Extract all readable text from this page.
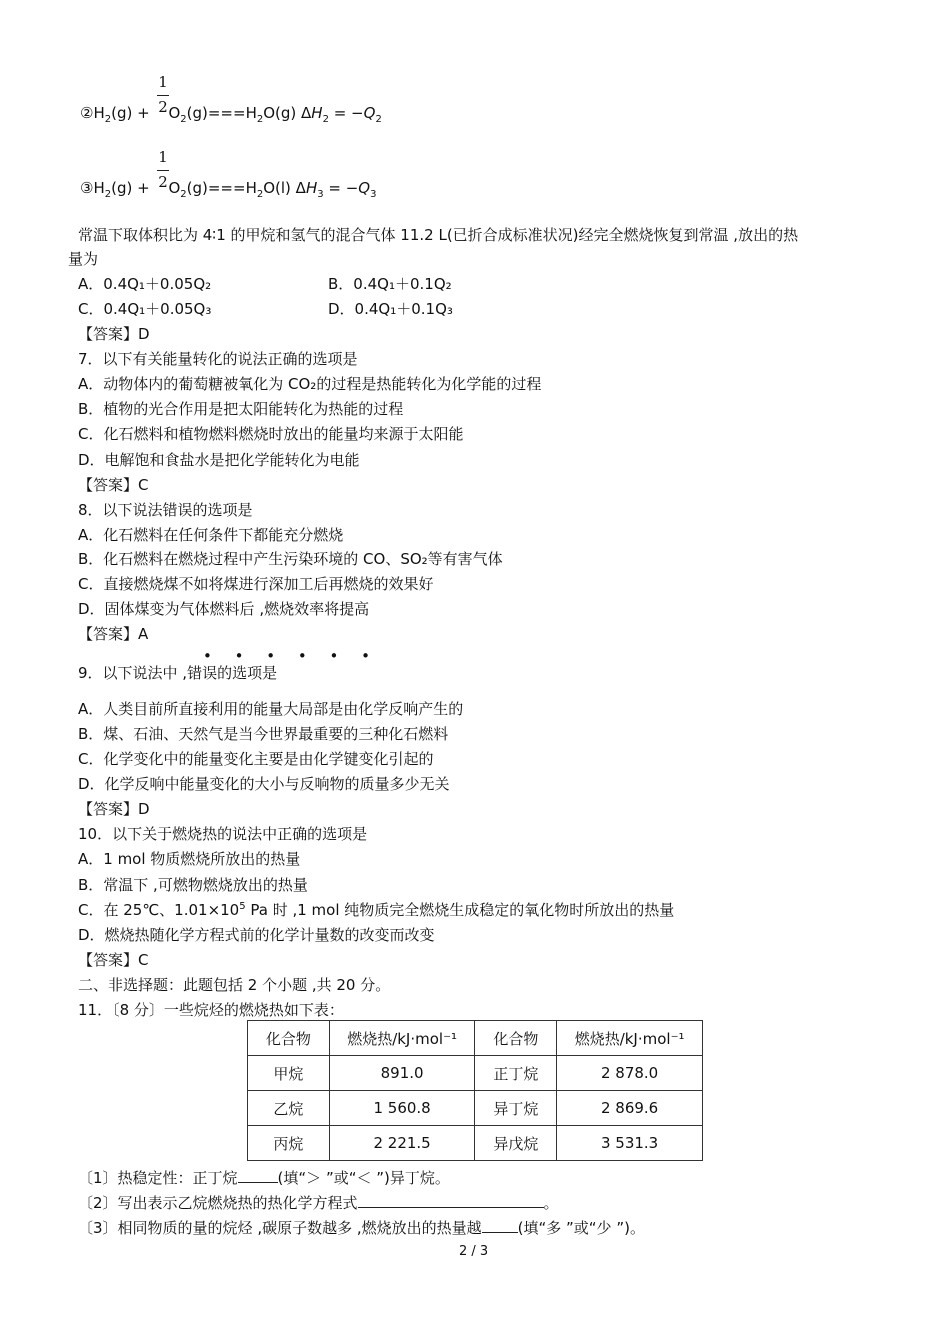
1
2
$②H_2(g) + O_2(g)===H_2O(g) \Delta H_2 = -Q_2$
1
2
$③H_2(g) + O_2(g)===H_2O(l) \Delta H_3 = -Q_3$
常温下取体积比为 4∶1 的甲烷和氢气的混合气体 11.2 L(已折合成标准状况)经完全燃烧恢复到常温 ,放出的热
量为
A．0.4Q₁＋0.05Q₂	B．0.4Q₁＋0.1Q₂
C．0.4Q₁＋0.05Q₃	D．0.4Q₁＋0.1Q₃
【答案】D
7．以下有关能量转化的说法正确的选项是
A．动物体内的葡萄糖被氧化为 CO₂的过程是热能转化为化学能的过程
B．植物的光合作用是把太阳能转化为热能的过程
C．化石燃料和植物燃料燃烧时放出的能量均来源于太阳能
D．电解饱和食盐水是把化学能转化为电能
【答案】C
8．以下说法错误的选项是
A．化石燃料在任何条件下都能充分燃烧
B．化石燃料在燃烧过程中产生污染环境的 CO、SO₂等有害气体
C．直接燃烧煤不如将煤进行深加工后再燃烧的效果好
D．固体煤变为气体燃料后 ,燃烧效率将提高
【答案】A
• • • • • •
9．以下说法中 ,错误的选项是
A．人类目前所直接利用的能量大局部是由化学反响产生的
B．煤、石油、天然气是当今世界最重要的三种化石燃料
C．化学变化中的能量变化主要是由化学键变化引起的
D．化学反响中能量变化的大小与反响物的质量多少无关
【答案】D
10．以下关于燃烧热的说法中正确的选项是
A．1 mol 物质燃烧所放出的热量
B．常温下 ,可燃物燃烧放出的热量
C．在 25℃、$1.01\times 10^5$ Pa 时 ,1 mol 纯物质完全燃烧生成稳定的氧化物时所放出的热量
D．燃烧热随化学方程式前的化学计量数的改变而改变
【答案】C
二、非选择题：此题包括 2 个小题 ,共 20 分。
11．〔8 分〕一些烷烃的燃烧热如下表：
化合物	燃烧热/kJ·mol⁻¹	化合物	燃烧热/kJ·mol⁻¹
甲烷	891.0	正丁烷	2 878.0
乙烷	1 560.8	异丁烷	2 869.6
丙烷	2 221.5	异戊烷	3 531.3
〔1〕热稳定性：正丁烷	(填“＞ ”或“＜ ”)异丁烷。
〔2〕写出表示乙烷燃烧热的热化学方程式	。
〔3〕相同物质的量的烷烃 ,碳原子数越多 ,燃烧放出的热量越 (填“多 ”或“少 ”)。
2 / 3
